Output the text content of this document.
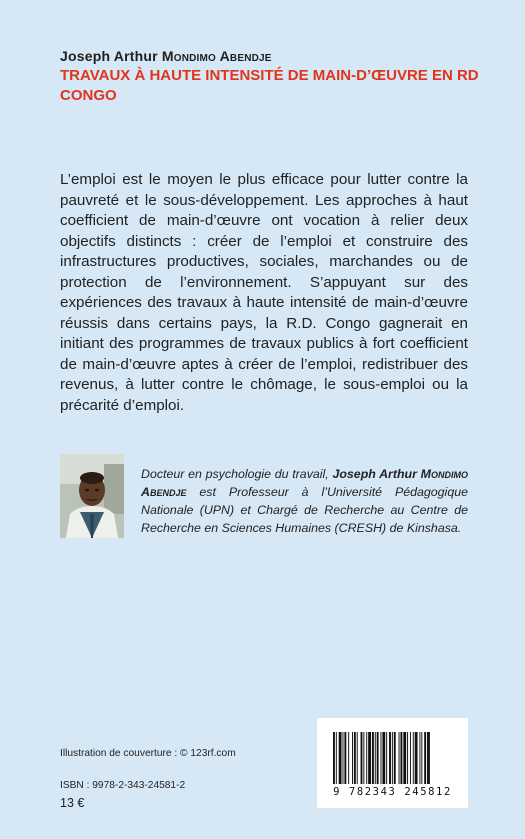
Joseph Arthur Mondimo Abendje
TRAVAUX À HAUTE INTENSITÉ DE MAIN-D’ŒUVRE EN RD CONGO
L’emploi est le moyen le plus efficace pour lutter contre la pauvreté et le sous-développement. Les approches à haut coefficient de main-d’œuvre ont vocation à relier deux objectifs distincts : créer de l’emploi et construire des infrastructures productives, sociales, marchandes ou de protection de l’environnement. S’appuyant sur des expériences des travaux à haute intensité de main-d’œuvre réussis dans certains pays, la R.D. Congo gagnerait en initiant des programmes de travaux publics à fort coefficient de main-d’œuvre aptes à créer de l’emploi, redistribuer des revenus, à lutter contre le chômage, le sous-emploi ou la précarité d’emploi.
Docteur en psychologie du travail, Joseph Arthur Mondimo Abendje est Professeur à l’Université Pédagogique Nationale (UPN) et Chargé de Recherche au Centre de Recherche en Sciences Humaines (CRESH) de Kinshasa.
Illustration de couverture : © 123rf.com
ISBN : 9978-2-343-24581-2
13 €
9 782343 245812
